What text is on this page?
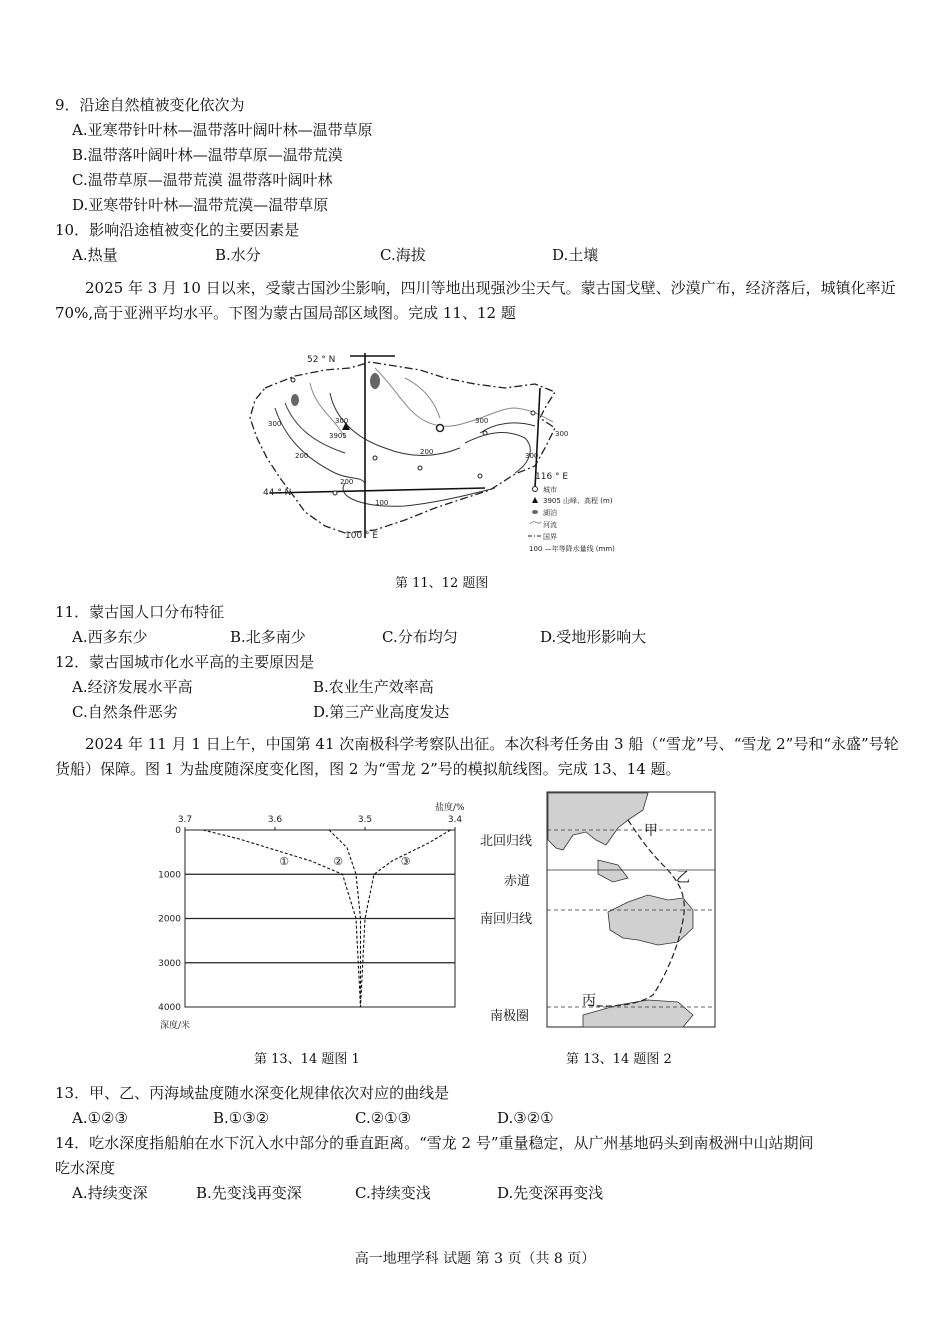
9．沿途自然植被变化依次为
A.亚寒带针叶林—温带落叶阔叶林—温带草原
B.温带落叶阔叶林—温带草原—温带荒漠
C.温带草原—温带荒漠 温带落叶阔叶林
D.亚寒带针叶林—温带荒漠—温带草原
10．影响沿途植被变化的主要因素是
A.热量	B.水分	C.海拔	D.土壤
2025 年 3 月 10 日以来，受蒙古国沙尘影响，四川等地出现强沙尘天气。蒙古国戈壁、沙漠广布，经济落后，城镇化率近 70%,高于亚洲平均水平。下图为蒙古国局部区域图。完成 11、12 题
52 ° N
44 ° N
100 ° E
116 ° E
300	300	300
300
300
200	200
200
100
3905
城市
3905 山峰、高程 (m)
湖泊
河流
国界
100 —年等降水量线 (mm)
第 11、12 题图
11．蒙古国人口分布特征
A.西多东少	B.北多南少	C.分布均匀	D.受地形影响大
12．蒙古国城市化水平高的主要原因是
A.经济发展水平高	B.农业生产效率高
C.自然条件恶劣	D.第三产业高度发达
2024 年 11 月 1 日上午，中国第 41 次南极科学考察队出征。本次科考任务由 3 船（“雪龙”号、“雪龙 2”号和“永盛”号轮货船）保障。图 1 为盐度随深度变化图，图 2 为“雪龙 2”号的模拟航线图。完成 13、14 题。
盐度/%
深度/米
0
1000
2000
3000
4000
3.7	3.6	3.5	3.4
①	②	③
第 13、14 题图 1
北回归线
赤道
南回归线
南极圈
甲
乙
丙
第 13、14 题图 2
13．甲、乙、丙海域盐度随水深变化规律依次对应的曲线是
A.①②③	B.①③②	C.②①③	D.③②①
14．吃水深度指船舶在水下沉入水中部分的垂直距离。“雪龙 2 号”重量稳定，从广州基地码头到南极洲中山站期间
吃水深度
A.持续变深	B.先变浅再变深	C.持续变浅	D.先变深再变浅
高一地理学科 试题 第 3 页（共 8 页）
